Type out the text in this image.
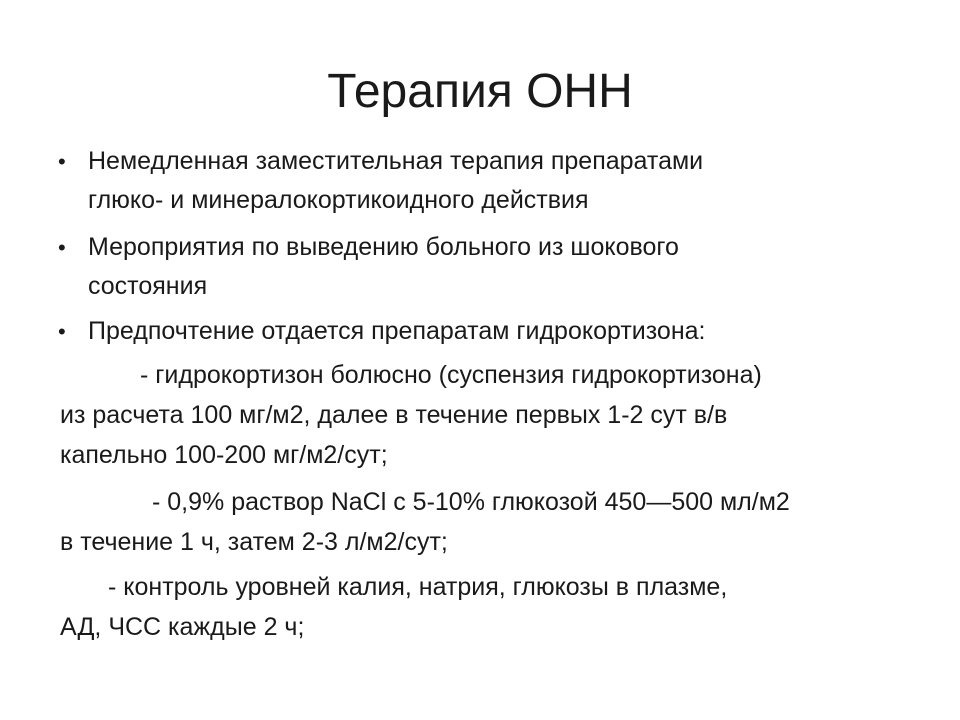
Терапия ОНН
• Немедленная заместительная терапия препаратами
глюко- и минералокортикоидного действия
• Мероприятия по выведению больного из шокового
состояния
• Предпочтение отдается препаратам гидрокортизона:
- гидрокортизон болюсно (суспензия гидрокортизона)
из расчета 100 мг/м2, далее в течение первых 1-2 сут в/в
капельно 100-200 мг/м2/сут;
- 0,9% раствор NaCl с 5-10% глюкозой 450—500 мл/м2
в течение 1 ч, затем 2-3 л/м2/сут;
- контроль уровней калия, натрия, глюкозы в плазме,
АД, ЧСС каждые 2 ч;
